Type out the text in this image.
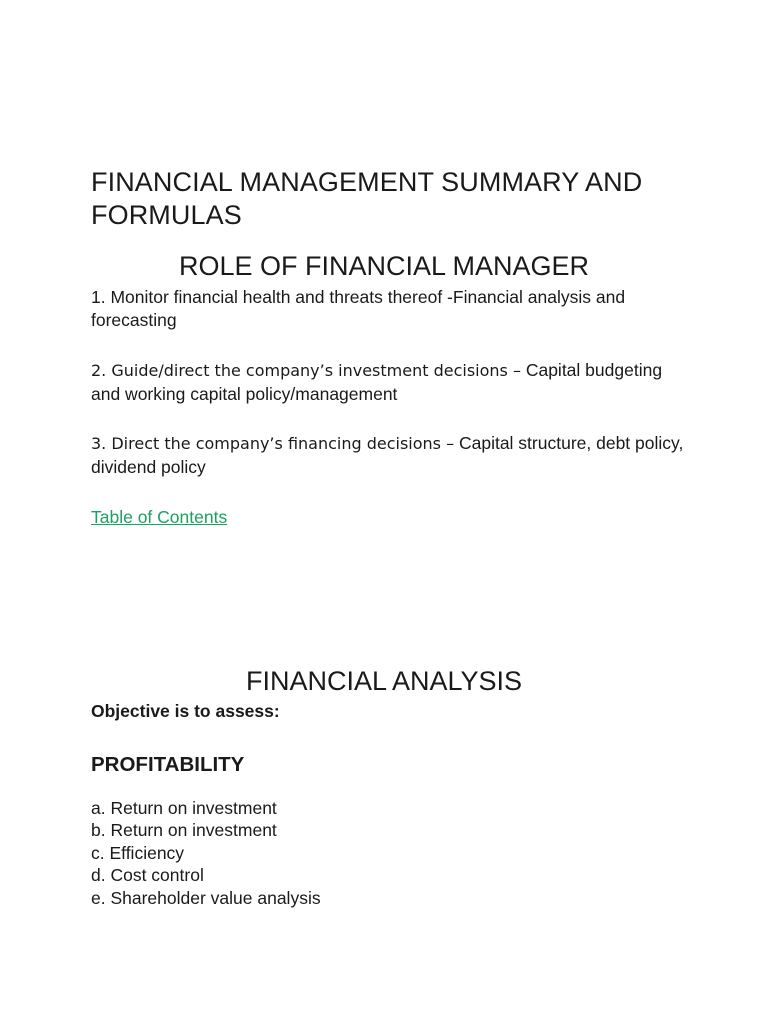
FINANCIAL MANAGEMENT SUMMARY AND FORMULAS
ROLE OF FINANCIAL MANAGER

1. Monitor financial health and threats thereof -Financial analysis and forecasting

2. Guide/direct the company’s investment decisions – Capital budgeting and working capital policy/management

3. Direct the company’s financing decisions – Capital structure, debt policy, dividend policy

Table of Contents
FINANCIAL ANALYSIS

Objective is to assess:

PROFITABILITY
a. Return on investment
b. Return on investment
c. Efficiency
d. Cost control
e. Shareholder value analysis
